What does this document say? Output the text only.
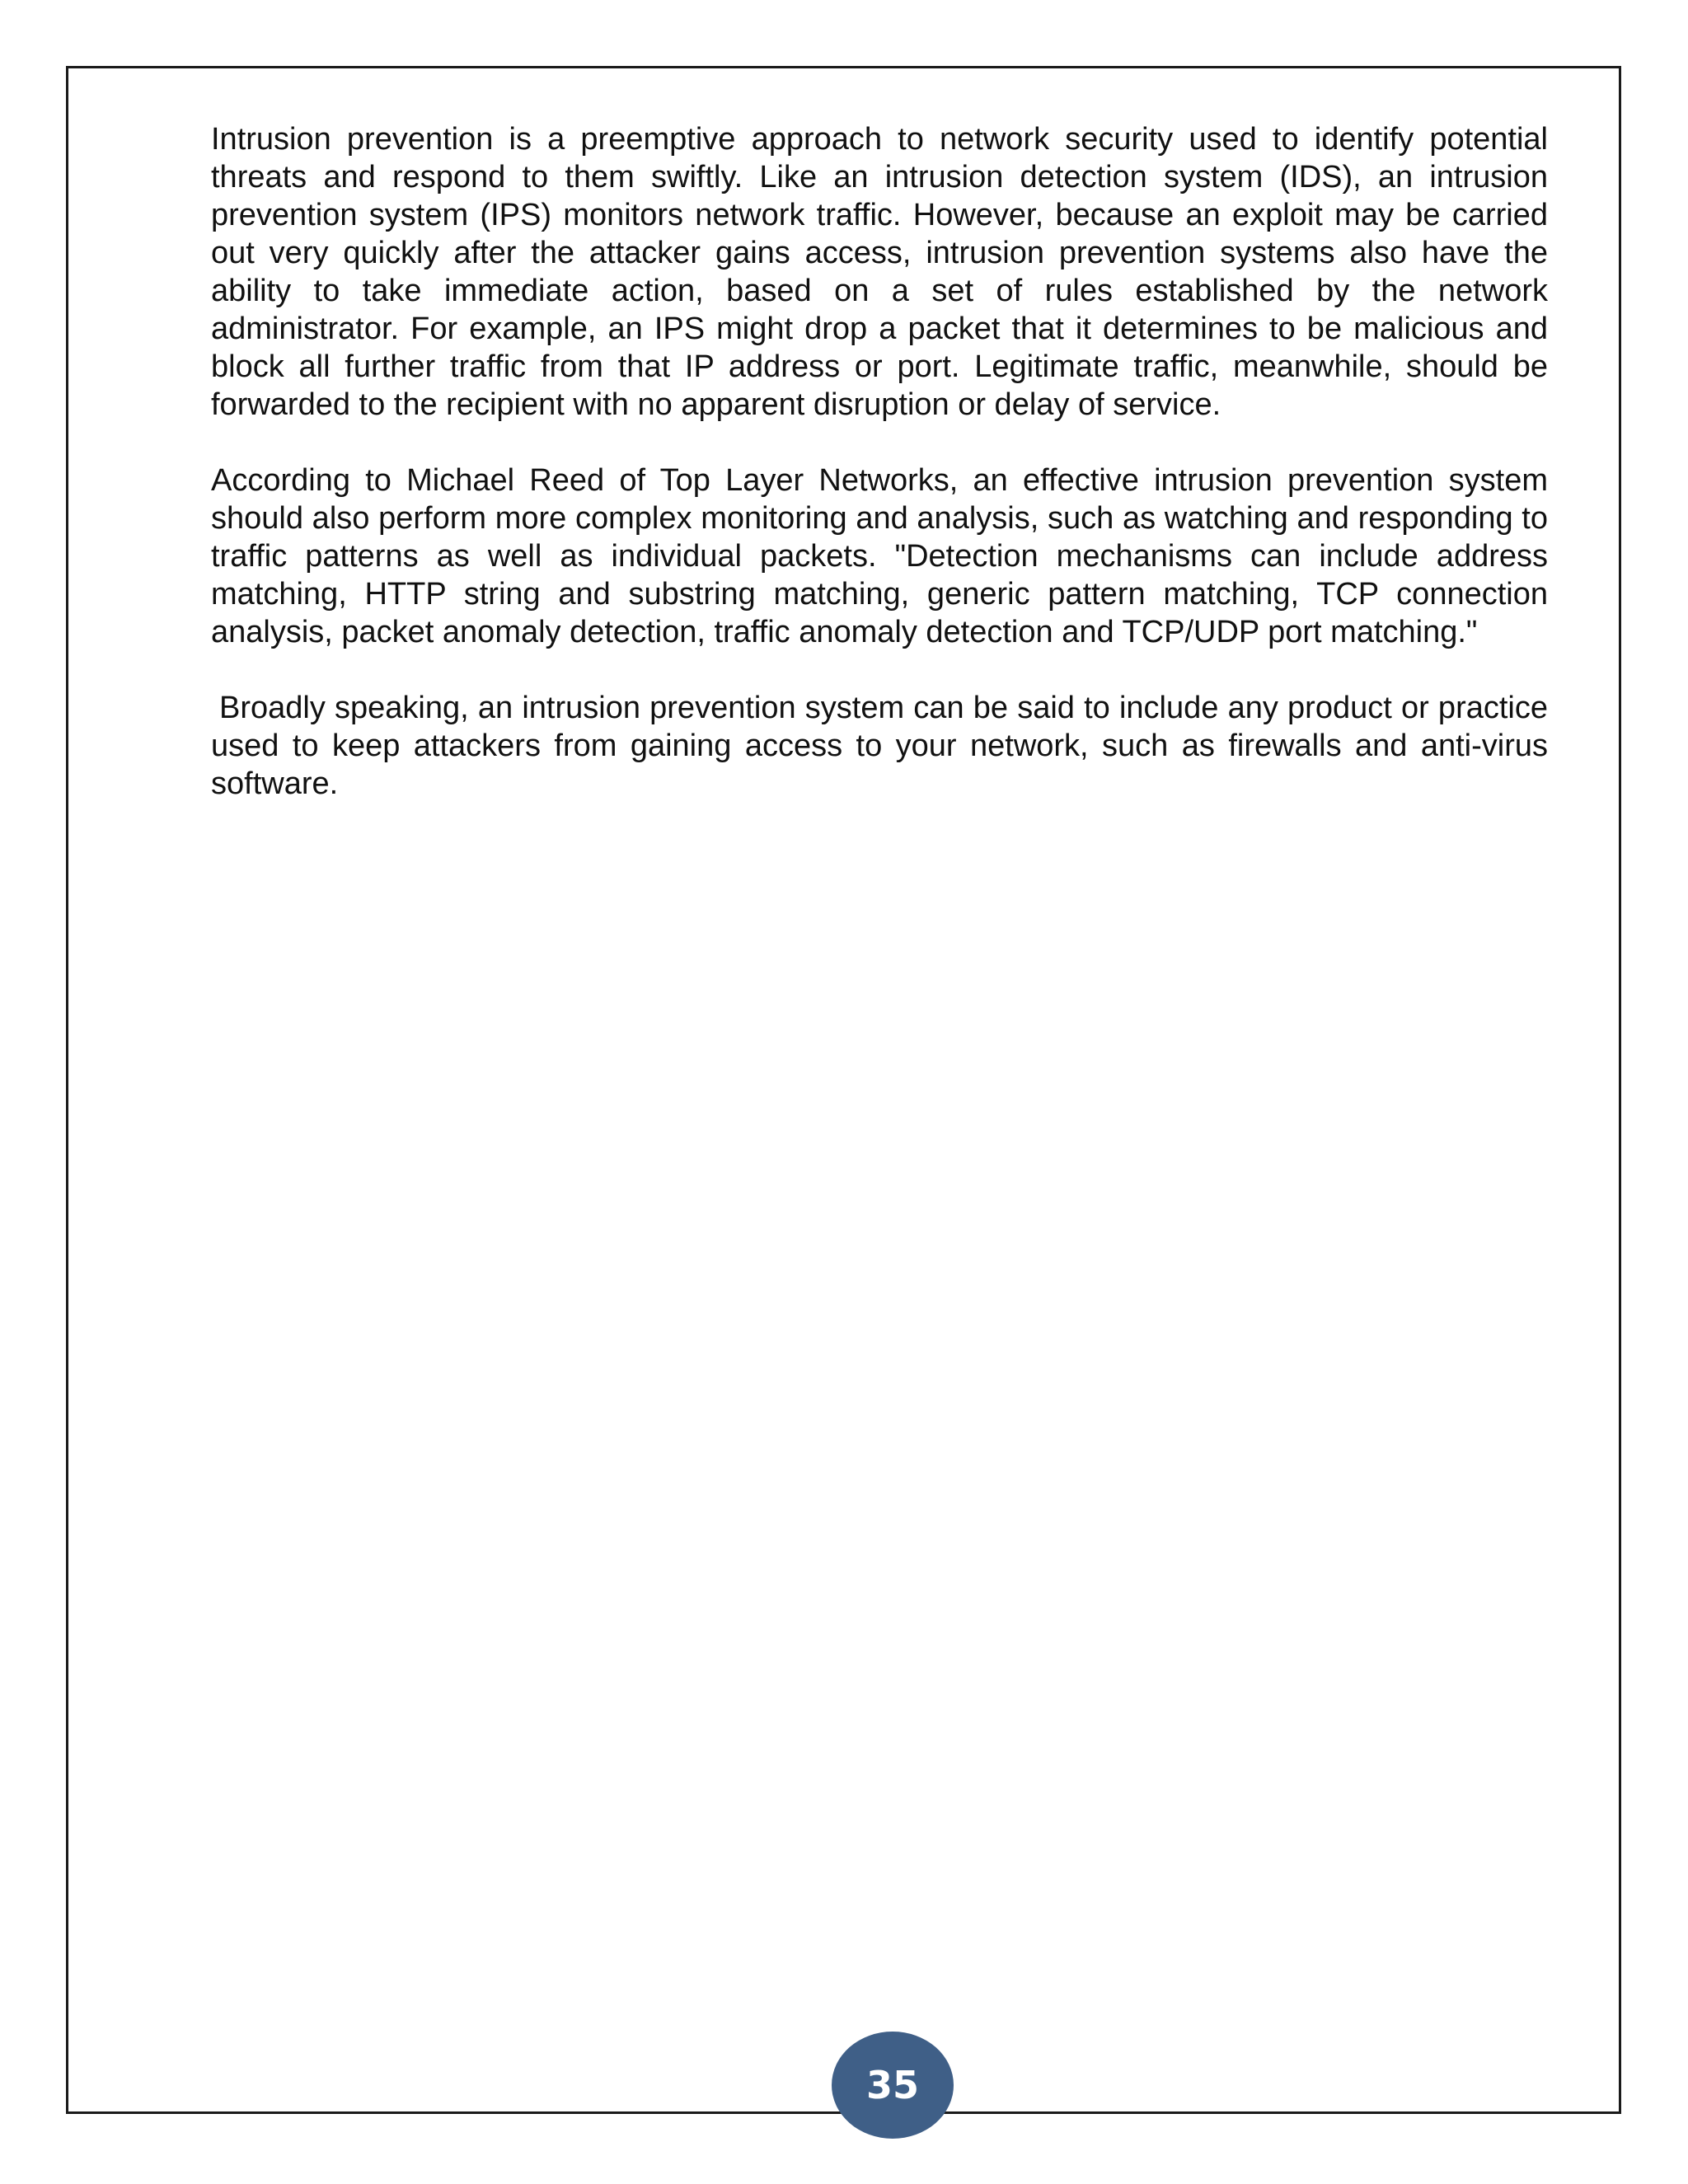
Intrusion prevention is a preemptive approach to network security used to identify potential threats and respond to them swiftly. Like an intrusion detection system (IDS), an intrusion prevention system (IPS) monitors network traffic. However, because an exploit may be carried out very quickly after the attacker gains access, intrusion prevention systems also have the ability to take immediate action, based on a set of rules established by the network administrator. For example, an IPS might drop a packet that it determines to be malicious and block all further traffic from that IP address or port. Legitimate traffic, meanwhile, should be forwarded to the recipient with no apparent disruption or delay of service.

According to Michael Reed of Top Layer Networks, an effective intrusion prevention system should also perform more complex monitoring and analysis, such as watching and responding to traffic patterns as well as individual packets. "Detection mechanisms can include address matching, HTTP string and substring matching, generic pattern matching, TCP connection analysis, packet anomaly detection, traffic anomaly detection and TCP/UDP port matching."

Broadly speaking, an intrusion prevention system can be said to include any product or practice used to keep attackers from gaining access to your network, such as firewalls and anti-virus software.

35
